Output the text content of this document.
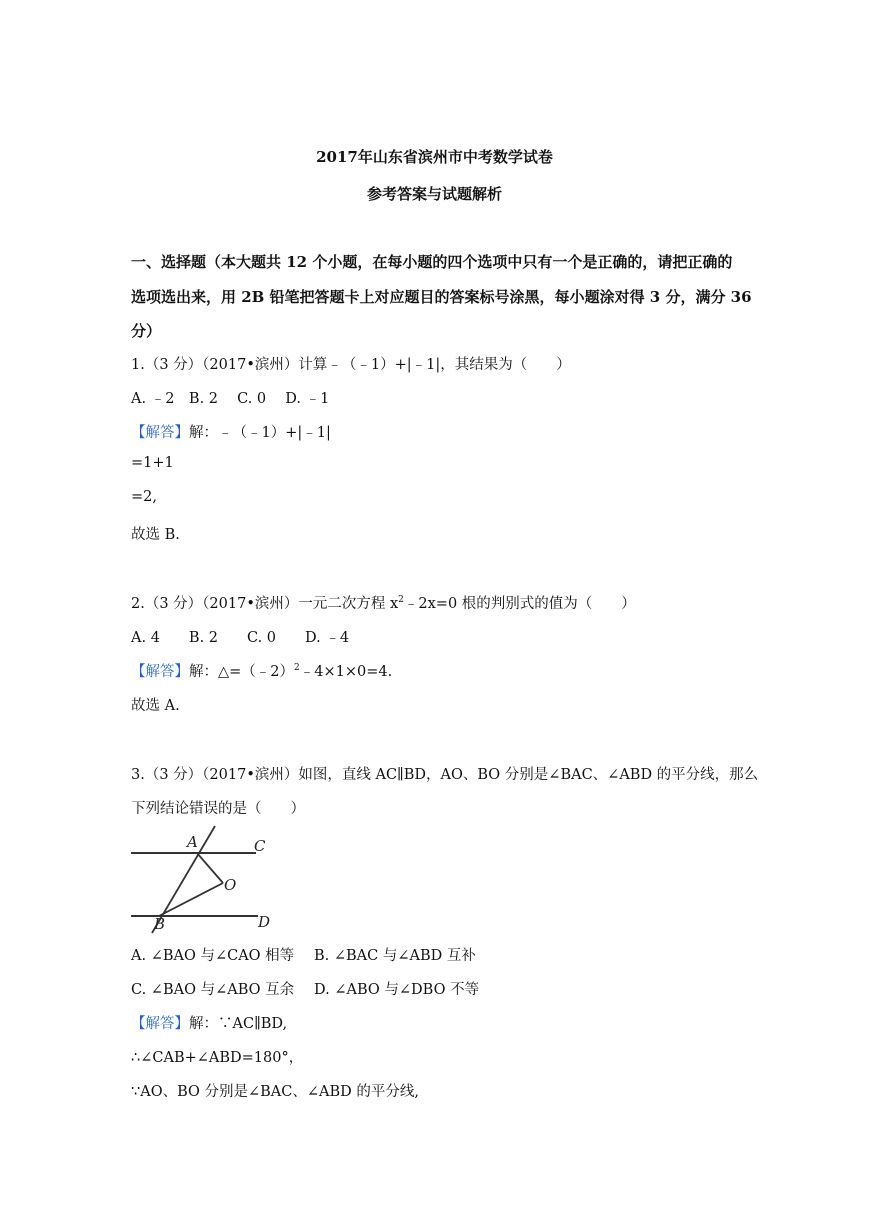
2017年山东省滨州市中考数学试卷
参考答案与试题解析
一、选择题（本大题共 12 个小题，在每小题的四个选项中只有一个是正确的，请把正确的
选项选出来，用 2B 铅笔把答题卡上对应题目的答案标号涂黑，每小题涂对得 3 分，满分 36
分）
1.（3 分）（2017•滨州）计算﹣（﹣1）+|﹣1|，其结果为（　　）
A. ﹣2　B. 2　 C. 0　 D. ﹣1
【解答】解：﹣（﹣1）+|﹣1|
=1+1
=2,
故选 B.
2.（3 分）（2017•滨州）一元二次方程 $x^2﹣2x=0$ 根的判别式的值为（　　）
A. 4　　B. 2　　C. 0　　D. ﹣4
【解答】解：△=（﹣2）$^2$﹣4×1×0=4.
故选 A.
3.（3 分）（2017•滨州）如图，直线 AC∥BD，AO、BO 分别是∠BAC、∠ABD 的平分线，那么
下列结论错误的是（　　）
A	C
O
B	D
A. ∠BAO 与∠CAO 相等 B. ∠BAC 与∠ABD 互补
C. ∠BAO 与∠ABO 互余 D. ∠ABO 与∠DBO 不等
【解答】解：∵AC∥BD,
∴∠CAB+∠ABD=180°，
∵AO、BO 分别是∠BAC、∠ABD 的平分线,
